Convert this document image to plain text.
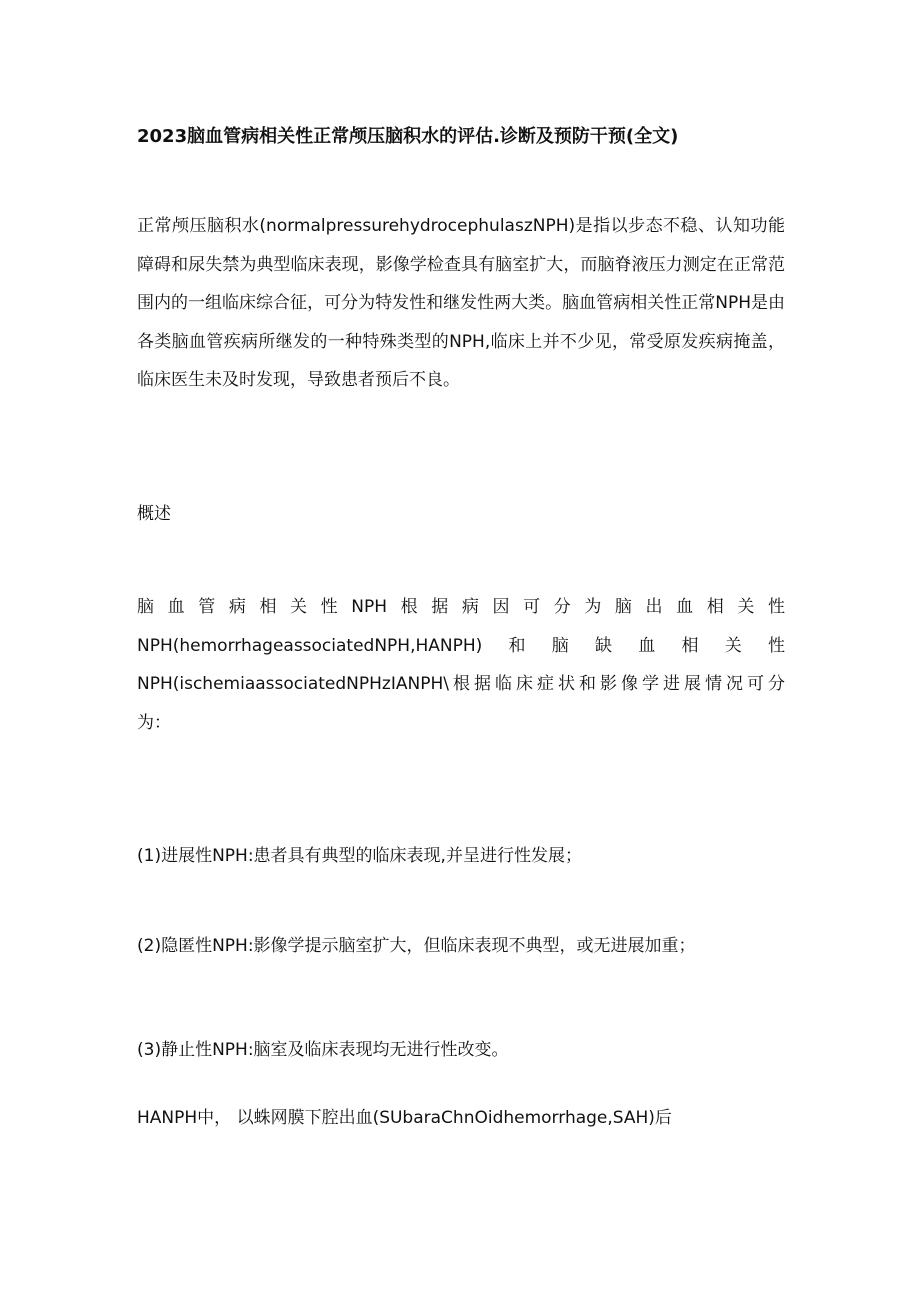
2023脑血管病相关性正常颅压脑积水的评估.诊断及预防干预(全文)

正常颅压脑积水(normalpressurehydrocephulaszNPH)是指以步态不稳、认知功能障碍和尿失禁为典型临床表现，影像学检查具有脑室扩大，而脑脊液压力测定在正常范围内的一组临床综合征，可分为特发性和继发性两大类。脑血管病相关性正常NPH是由各类脑血管疾病所继发的一种特殊类型的NPH,临床上并不少见，常受原发疾病掩盖，临床医生未及时发现，导致患者预后不良。

概述

脑血管病相关性NPH根据病因可分为脑出血相关性
NPH(hemorrhageassociatedNPH,HANPH)和脑缺血相关性
NPH(ischemiaassociatedNPHzIANPH\根据临床症状和影像学进展情况可分
为：

(1)进展性NPH:患者具有典型的临床表现,并呈进行性发展；

(2)隐匿性NPH:影像学提示脑室扩大，但临床表现不典型，或无进展加重；

(3)静止性NPH:脑室及临床表现均无进行性改变。

HANPH中， 以蛛网膜下腔出血(SUbaraChnOidhemorrhage,SAH)后
